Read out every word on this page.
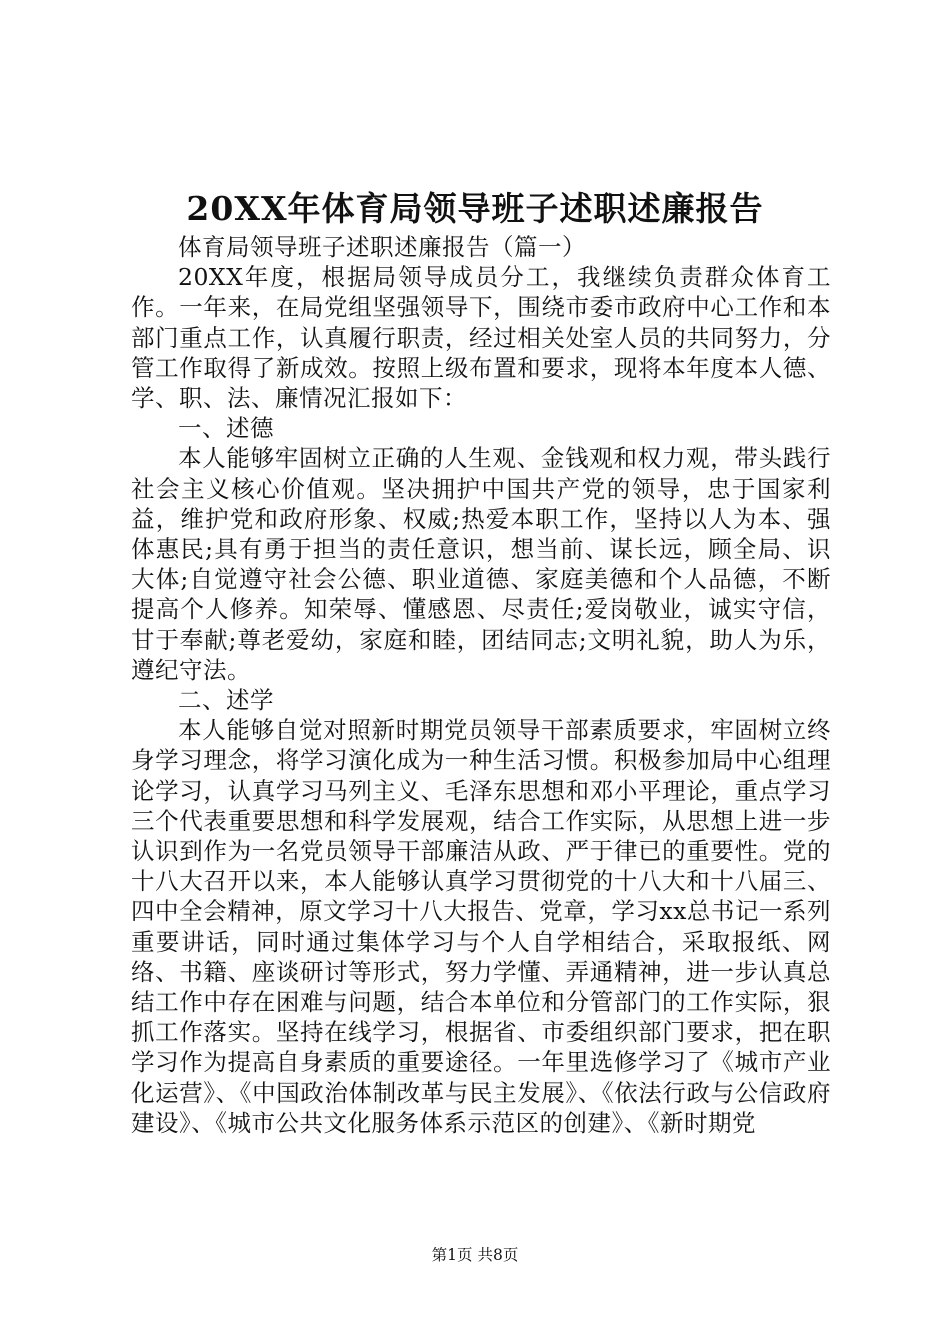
20XX年体育局领导班子述职述廉报告

体育局领导班子述职述廉报告（篇一）

20XX年度，根据局领导成员分工，我继续负责群众体育工作。一年来，在局党组坚强领导下，围绕市委市政府中心工作和本部门重点工作，认真履行职责，经过相关处室人员的共同努力，分管工作取得了新成效。按照上级布置和要求，现将本年度本人德、学、职、法、廉情况汇报如下：

一、述德

本人能够牢固树立正确的人生观、金钱观和权力观，带头践行社会主义核心价值观。坚决拥护中国共产党的领导，忠于国家利益，维护党和政府形象、权威;热爱本职工作，坚持以人为本、强体惠民;具有勇于担当的责任意识，想当前、谋长远，顾全局、识大体;自觉遵守社会公德、职业道德、家庭美德和个人品德，不断提高个人修养。知荣辱、懂感恩、尽责任;爱岗敬业，诚实守信，甘于奉献;尊老爱幼，家庭和睦，团结同志;文明礼貌，助人为乐，遵纪守法。

二、述学

本人能够自觉对照新时期党员领导干部素质要求，牢固树立终身学习理念，将学习演化成为一种生活习惯。积极参加局中心组理论学习，认真学习马列主义、毛泽东思想和邓小平理论，重点学习三个代表重要思想和科学发展观，结合工作实际，从思想上进一步认识到作为一名党员领导干部廉洁从政、严于律已的重要性。党的十八大召开以来，本人能够认真学习贯彻党的十八大和十八届三、四中全会精神，原文学习十八大报告、党章，学习xx总书记一系列重要讲话，同时通过集体学习与个人自学相结合，采取报纸、网络、书籍、座谈研讨等形式，努力学懂、弄通精神，进一步认真总结工作中存在困难与问题，结合本单位和分管部门的工作实际，狠抓工作落实。坚持在线学习，根据省、市委组织部门要求，把在职学习作为提高自身素质的重要途径。一年里选修学习了《城市产业化运营》、《中国政治体制改革与民主发展》、《依法行政与公信政府建设》、《城市公共文化服务体系示范区的创建》、《新时期党

第1页 共8页
